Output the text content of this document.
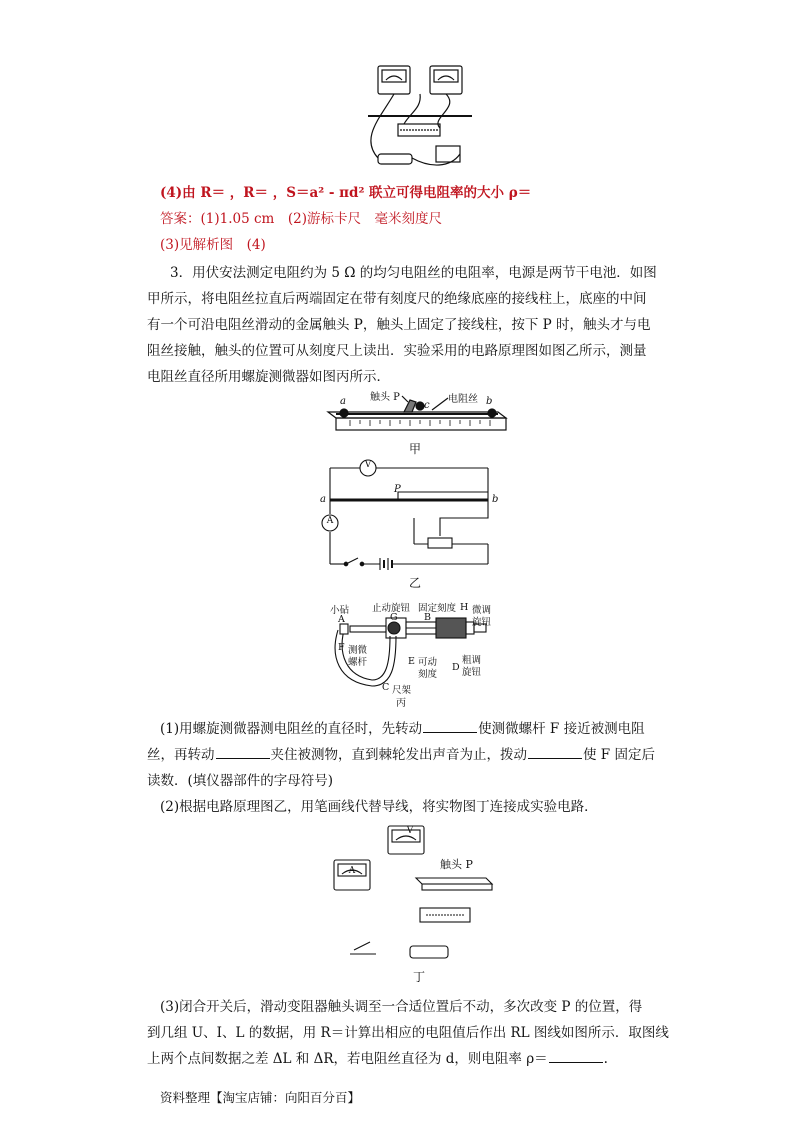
(4)由 R＝ ，R＝ ，S＝a² - πd² 联立可得电阻率的大小 ρ＝
答案：(1)1.05 cm　(2)游标卡尺　毫米刻度尺
(3)见解析图　(4)
3．用伏安法测定电阻约为 5 Ω 的均匀电阻丝的电阻率，电源是两节干电池．如图
甲所示，将电阻丝拉直后两端固定在带有刻度尺的绝缘底座的接线柱上，底座的中间
有一个可沿电阻丝滑动的金属触头 P，触头上固定了接线柱，按下 P 时，触头才与电
阻丝接触，触头的位置可从刻度尺上读出．实验采用的电路原理图如图乙所示，测量
电阻丝直径所用螺旋测微器如图丙所示．
a	b
触头 P
c
电阻丝
甲
V
A
a	b
P
乙
小砧
A
止动旋钮
G
固定刻度
B
H 微调
旋钮
F 测微
螺杆	E 可动
刻度
D
粗调
旋钮
C 尺架
丙
(1)用螺旋测微器测电阻丝的直径时，先转动	使测微螺杆 F 接近被测电阻
丝，再转动	夹住被测物，直到棘轮发出声音为止，拨动	使 F 固定后
读数．(填仪器部件的字母符号)
(2)根据电路原理图乙，用笔画线代替导线，将实物图丁连接成实验电路．
V
A	触头 P
丁
(3)闭合开关后，滑动变阻器触头调至一合适位置后不动，多次改变 P 的位置，得
到几组 U、I、L 的数据，用 R＝计算出相应的电阻值后作出 RL 图线如图所示．取图线
上两个点间数据之差 ΔL 和 ΔR，若电阻丝直径为 d，则电阻率 ρ＝	.
资料整理【淘宝店铺：向阳百分百】
